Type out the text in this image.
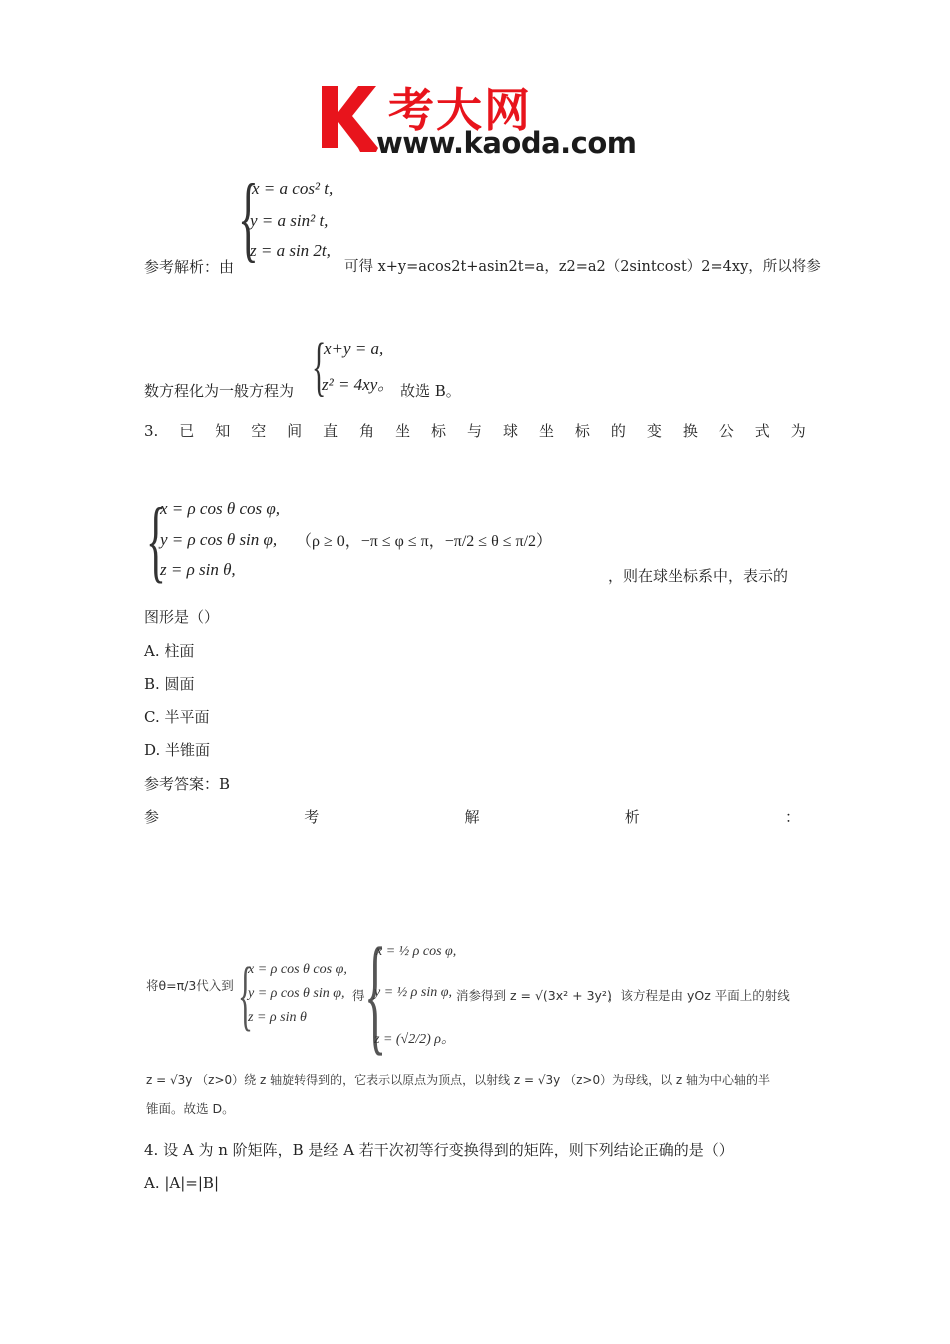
考大网
www.kaoda.com
{
x = a cos² t,
y = a sin² t,
z = a sin 2t,
参考解析：由	可得 x+y=acos2t+asin2t=a，z2=a2（2sintcost）2=4xy，所以将参
{
x+y = a,
z² = 4xy。
数方程化为一般方程为	故选 B。
3. 已 知 空 间 直 角 坐 标 与 球 坐 标 的 变 换 公 式 为
{
x = ρ cos θ cos φ,
y = ρ cos θ sin φ,
z = ρ sin θ,
（ρ ≥ 0，−π ≤ φ ≤ π，−π/2 ≤ θ ≤ π/2）
，则在球坐标系中，表示的
图形是（）
A. 柱面
B. 圆面
C. 半平面
D. 半锥面
参考答案：B
参	考	解	析	：
将θ=π/3代入到 {
x = ρ cos θ cos φ,
y = ρ cos θ sin φ,
z = ρ sin θ
得 {
x = ½ ρ cos φ,
y = ½ ρ sin φ,
z = (√2/2) ρ。
消参得到 z = √(3x² + 3y²)
，该方程是由 yOz 平面上的射线
z = √3y （z>0）绕 z 轴旋转得到的，它表示以原点为顶点，以射线 z = √3y （z>0）为母线，以 z 轴为中心轴的半
锥面。故选 D。
4. 设 A 为 n 阶矩阵，B 是经 A 若干次初等行变换得到的矩阵，则下列结论正确的是（）
A. |A|=|B|
